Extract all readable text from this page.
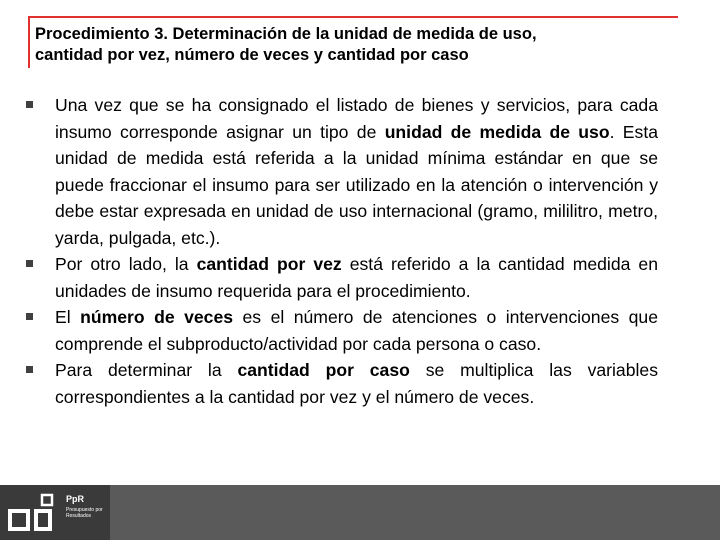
Procedimiento 3. Determinación de la unidad de medida de uso,
cantidad por vez, número de veces y cantidad por caso
Una vez que se ha consignado el listado de bienes y servicios, para cada insumo corresponde asignar un tipo de unidad de medida de uso. Esta unidad de medida está referida a la unidad mínima estándar en que se puede fraccionar el insumo para ser utilizado en la atención o intervención y debe estar expresada en unidad de uso internacional (gramo, mililitro, metro, yarda, pulgada, etc.).
Por otro lado, la cantidad por vez está referido a la cantidad medida en unidades de insumo requerida para el procedimiento.
El número de veces es el número de atenciones o intervenciones que comprende el subproducto/actividad por cada persona o caso.
Para determinar la cantidad por caso se multiplica las variables correspondientes a la cantidad por vez y el número de veces.
PpR
Presupuesto por Resultados
